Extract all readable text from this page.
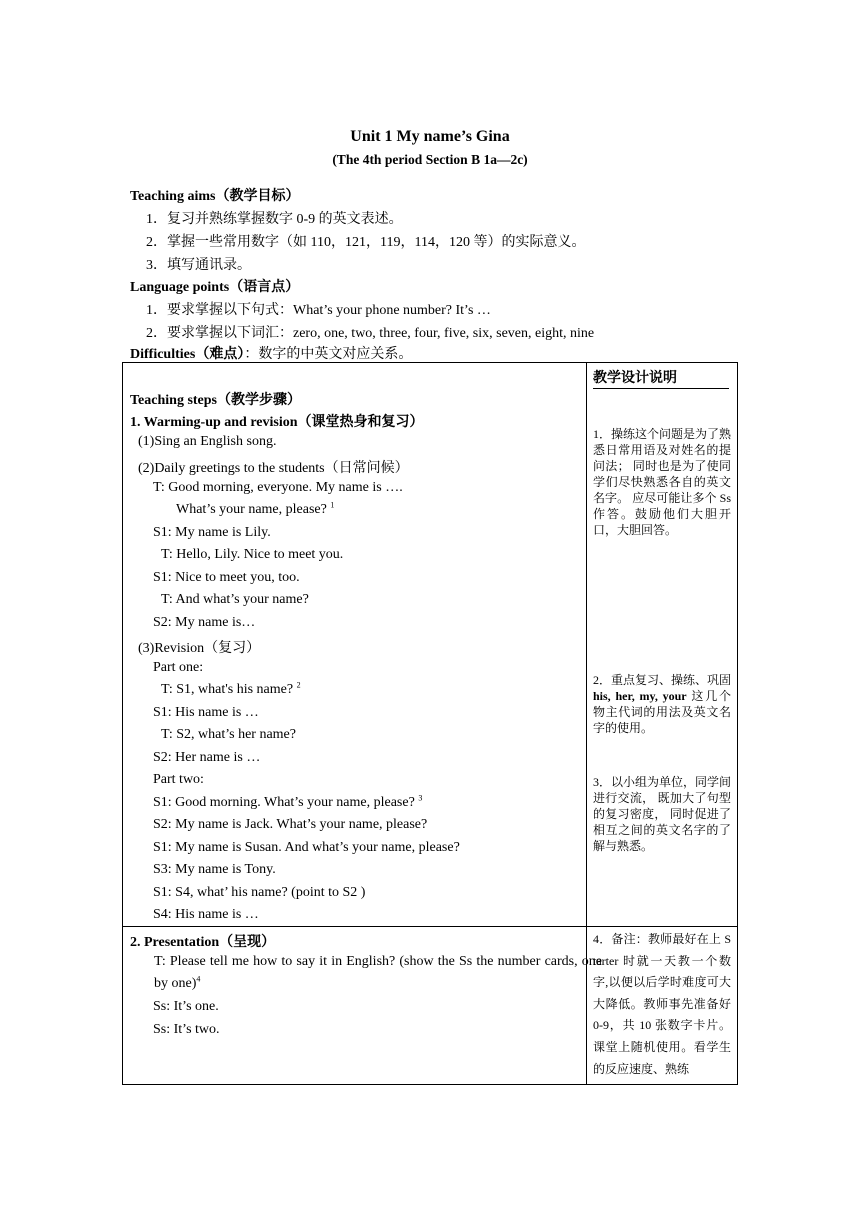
Unit 1 My name’s Gina
(The 4th period Section B 1a—2c)
Teaching aims（教学目标）
1．复习并熟练掌握数字 0-9 的英文表述。
2．掌握一些常用数字（如 110，121，119，114，120 等）的实际意义。
3．填写通讯录。
Language points（语言点）
1．要求掌握以下句式：What’s your phone number? It’s …
2．要求掌握以下词汇：zero, one, two, three, four, five, six, seven, eight, nine
Difficulties（难点）：数字的中英文对应关系。
教学设计说明
Teaching steps（教学步骤）
1. Warming-up and revision（课堂热身和复习）
(1)Sing an English song.
(2)Daily greetings to the students（日常问候）
T: Good morning, everyone. My name is ….
What’s your name, please? $^1$
S1: My name is Lily.
T: Hello, Lily. Nice to meet you.
S1: Nice to meet you, too.
T: And what’s your name?
S2: My name is…
(3)Revision（复习）
Part one:
T: S1, what's his name? $^2$
S1: His name is …
T: S2, what’s her name?
S2: Her name is …
Part two:
S1: Good morning. What’s your name, please? $^3$
S2: My name is Jack. What’s your name, please?
S1: My name is Susan. And what’s your name, please?
S3: My name is Tony.
S1: S4, what’ his name? (point to S2 )
S4: His name is …
2. Presentation（呈现）
T: Please tell me how to say it in English? (show the Ss the number cards, one by one)$^4$
Ss: It’s one.
Ss: It’s two.
1．操练这个问题是为了熟悉日常用语及对姓名的提问法； 同时也是为了使同学们尽快熟悉各自的英文名字。 应尽可能让多个 Ss 作答。鼓励他们大胆开口，大胆回答。
2．重点复习、操练、巩固 his, her, my, your 这几个物主代词的用法及英文名字的使用。
3．以小组为单位，同学间进行交流， 既加大了句型的复习密度， 同时促进了相互之间的英文名字的了解与熟悉。
4．备注：教师最好在上 Starter 时就一天教一个数字,以便以后学时难度可大大降低。教师事先准备好 0-9，共 10 张数字卡片。课堂上随机使用。看学生的反应速度、熟练
